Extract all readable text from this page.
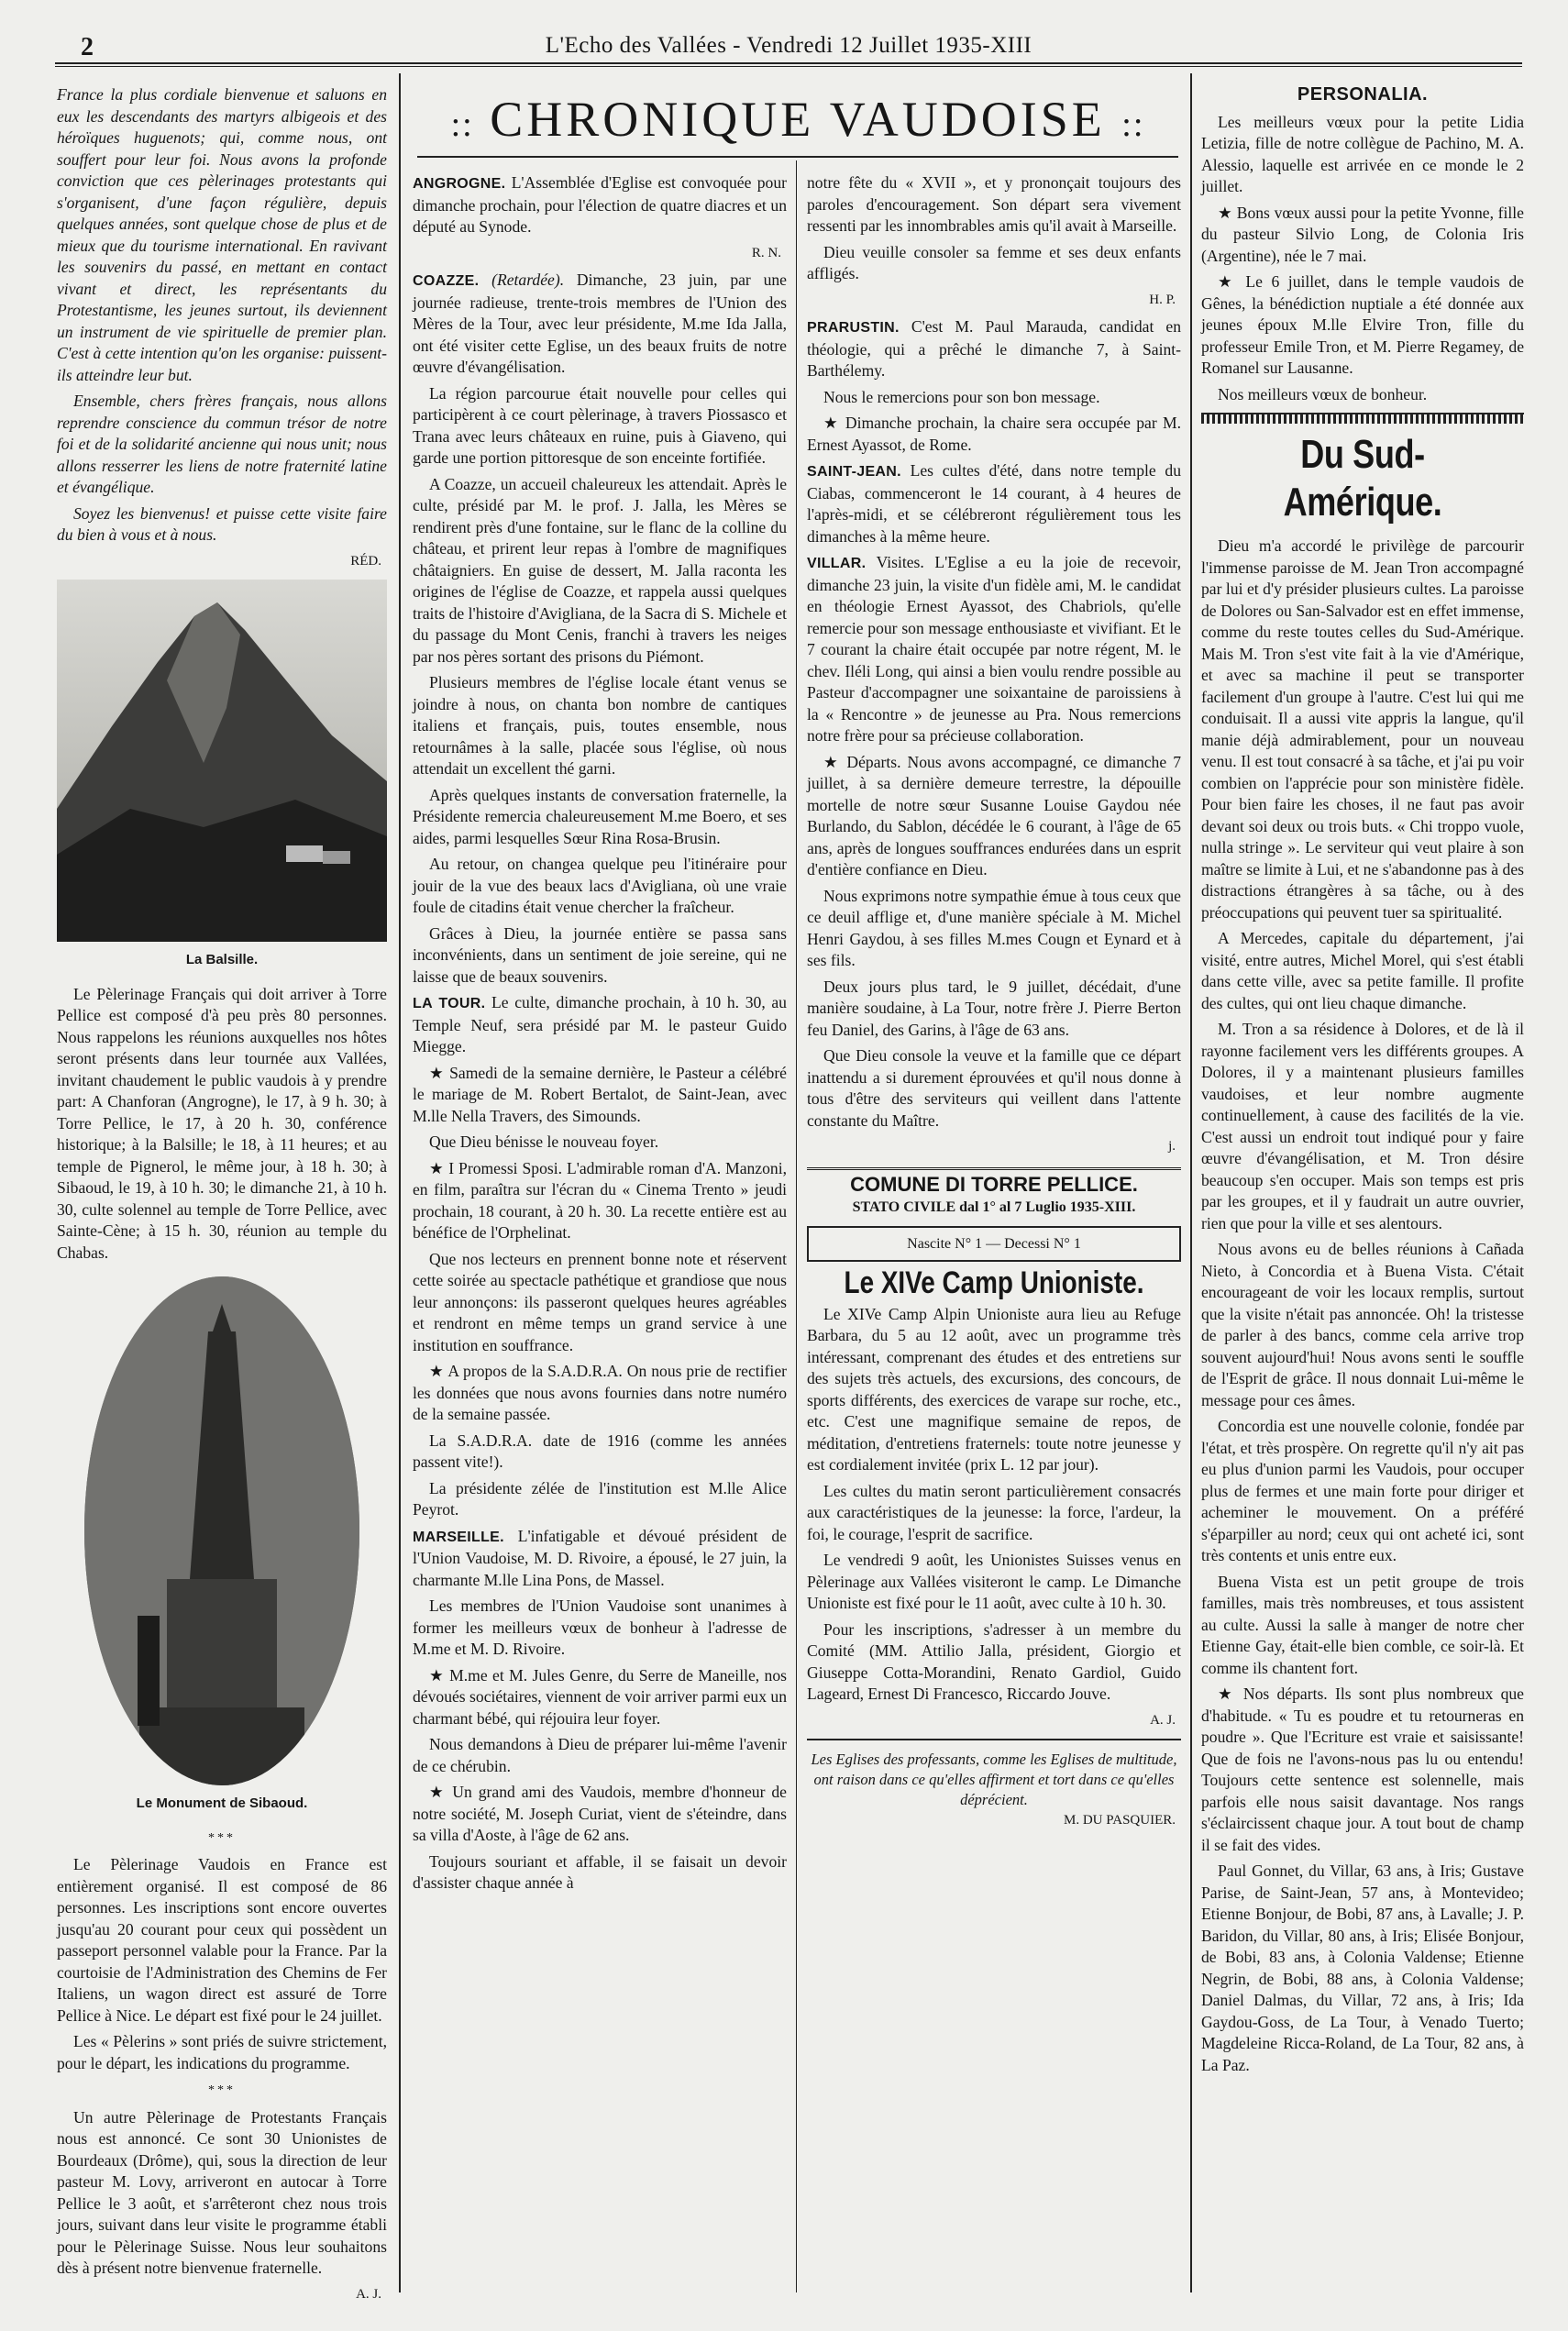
2	L'Echo des Vallées - Vendredi 12 Juillet 1935-XIII
:: CHRONIQUE VAUDOISE ::

France la plus cordiale bienvenue et saluons en eux les descendants des martyrs albigeois et des héroïques huguenots; qui, comme nous, ont souffert pour leur foi. Nous avons la profonde conviction que ces pèlerinages protestants qui s'organisent, d'une façon régulière, depuis quelques années, sont quelque chose de plus et de mieux que du tourisme international. En ravivant les souvenirs du passé, en mettant en contact vivant et direct, les représentants du Protestantisme, les jeunes surtout, ils deviennent un instrument de vie spirituelle de premier plan. C'est à cette intention qu'on les organise: puissent-ils atteindre leur but.

Ensemble, chers frères français, nous allons reprendre conscience du commun trésor de notre foi et de la solidarité ancienne qui nous unit; nous allons resserrer les liens de notre fraternité latine et évangélique.

Soyez les bienvenus! et puisse cette visite faire du bien à vous et à nous.

RÉD.
La Balsille.

Le Pèlerinage Français qui doit arriver à Torre Pellice est composé d'à peu près 80 personnes. Nous rappelons les réunions auxquelles nos hôtes seront présents dans leur tournée aux Vallées, invitant chaudement le public vaudois à y prendre part: A Chanforan (Angrogne), le 17, à 9 h. 30; à Torre Pellice, le 17, à 20 h. 30, conférence historique; à la Balsille; le 18, à 11 heures; et au temple de Pignerol, le même jour, à 18 h. 30; à Sibaoud, le 19, à 10 h. 30; le dimanche 21, à 10 h. 30, culte solennel au temple de Torre Pellice, avec Sainte-Cène; à 15 h. 30, réunion au temple du Chabas.

Le Monument de Sibaoud.
***

Le Pèlerinage Vaudois en France est entièrement organisé. Il est composé de 86 personnes. Les inscriptions sont encore ouvertes jusqu'au 20 courant pour ceux qui possèdent un passeport personnel valable pour la France. Par la courtoisie de l'Administration des Chemins de Fer Italiens, un wagon direct est assuré de Torre Pellice à Nice. Le départ est fixé pour le 24 juillet.

Les « Pèlerins » sont priés de suivre strictement, pour le départ, les indications du programme.

***

Un autre Pèlerinage de Protestants Français nous est annoncé. Ce sont 30 Unionistes de Bourdeaux (Drôme), qui, sous la direction de leur pasteur M. Lovy, arriveront en autocar à Torre Pellice le 3 août, et s'arrêteront chez nous trois jours, suivant dans leur visite le programme établi pour le Pèlerinage Suisse. Nous leur souhaitons dès à présent notre bienvenue fraternelle.

A. J.

ANGROGNE. L'Assemblée d'Eglise est convoquée pour dimanche prochain, pour l'élection de quatre diacres et un député au Synode.

R. N.

COAZZE. (Retardée). Dimanche, 23 juin, par une journée radieuse, trente-trois membres de l'Union des Mères de la Tour, avec leur présidente, M.me Ida Jalla, ont été visiter cette Eglise, un des beaux fruits de notre œuvre d'évangélisation.

La région parcourue était nouvelle pour celles qui participèrent à ce court pèlerinage, à travers Piossasco et Trana avec leurs châteaux en ruine, puis à Giaveno, qui garde une portion pittoresque de son enceinte fortifiée.

A Coazze, un accueil chaleureux les attendait. Après le culte, présidé par M. le prof. J. Jalla, les Mères se rendirent près d'une fontaine, sur le flanc de la colline du château, et prirent leur repas à l'ombre de magnifiques châtaigniers. En guise de dessert, M. Jalla raconta les origines de l'église de Coazze, et rappela aussi quelques traits de l'histoire d'Avigliana, de la Sacra di S. Michele et du passage du Mont Cenis, franchi à travers les neiges par nos pères sortant des prisons du Piémont.

Plusieurs membres de l'église locale étant venus se joindre à nous, on chanta bon nombre de cantiques italiens et français, puis, toutes ensemble, nous retournâmes à la salle, placée sous l'église, où nous attendait un excellent thé garni.

Après quelques instants de conversation fraternelle, la Présidente remercia chaleureusement M.me Boero, et ses aides, parmi lesquelles Sœur Rina Rosa-Brusin.

Au retour, on changea quelque peu l'itinéraire pour jouir de la vue des beaux lacs d'Avigliana, où une vraie foule de citadins était venue chercher la fraîcheur.

Grâces à Dieu, la journée entière se passa sans inconvénients, dans un sentiment de joie sereine, qui ne laisse que de beaux souvenirs.

LA TOUR. Le culte, dimanche prochain, à 10 h. 30, au Temple Neuf, sera présidé par M. le pasteur Guido Miegge.

★ Samedi de la semaine dernière, le Pasteur a célébré le mariage de M. Robert Bertalot, de Saint-Jean, avec M.lle Nella Travers, des Simounds.

Que Dieu bénisse le nouveau foyer.

★ I Promessi Sposi. L'admirable roman d'A. Manzoni, en film, paraîtra sur l'écran du « Cinema Trento » jeudi prochain, 18 courant, à 20 h. 30. La recette entière est au bénéfice de l'Orphelinat.

Que nos lecteurs en prennent bonne note et réservent cette soirée au spectacle pathétique et grandiose que nous leur annonçons: ils passeront quelques heures agréables et rendront en même temps un grand service à une institution en souffrance.

★ A propos de la S.A.D.R.A. On nous prie de rectifier les données que nous avons fournies dans notre numéro de la semaine passée.

La S.A.D.R.A. date de 1916 (comme les années passent vite!).

La présidente zélée de l'institution est M.lle Alice Peyrot.

MARSEILLE. L'infatigable et dévoué président de l'Union Vaudoise, M. D. Rivoire, a épousé, le 27 juin, la charmante M.lle Lina Pons, de Massel.

Les membres de l'Union Vaudoise sont unanimes à former les meilleurs vœux de bonheur à l'adresse de M.me et M. D. Rivoire.

★ M.me et M. Jules Genre, du Serre de Maneille, nos dévoués sociétaires, viennent de voir arriver parmi eux un charmant bébé, qui réjouira leur foyer.

Nous demandons à Dieu de préparer lui-même l'avenir de ce chérubin.

★ Un grand ami des Vaudois, membre d'honneur de notre société, M. Joseph Curiat, vient de s'éteindre, dans sa villa d'Aoste, à l'âge de 62 ans.

Toujours souriant et affable, il se faisait un devoir d'assister chaque année à

notre fête du « XVII », et y prononçait toujours des paroles d'encouragement. Son départ sera vivement ressenti par les innombrables amis qu'il avait à Marseille.

Dieu veuille consoler sa femme et ses deux enfants affligés.

H. P.

PRARUSTIN. C'est M. Paul Marauda, candidat en théologie, qui a prêché le dimanche 7, à Saint-Barthélemy.

Nous le remercions pour son bon message.

★ Dimanche prochain, la chaire sera occupée par M. Ernest Ayassot, de Rome.

SAINT-JEAN. Les cultes d'été, dans notre temple du Ciabas, commenceront le 14 courant, à 4 heures de l'après-midi, et se célébreront régulièrement tous les dimanches à la même heure.

VILLAR. Visites. L'Eglise a eu la joie de recevoir, dimanche 23 juin, la visite d'un fidèle ami, M. le candidat en théologie Ernest Ayassot, des Chabriols, qu'elle remercie pour son message enthousiaste et vivifiant. Et le 7 courant la chaire était occupée par notre régent, M. le chev. Iléli Long, qui ainsi a bien voulu rendre possible au Pasteur d'accompagner une soixantaine de paroissiens à la « Rencontre » de jeunesse au Pra. Nous remercions notre frère pour sa précieuse collaboration.

★ Départs. Nous avons accompagné, ce dimanche 7 juillet, à sa dernière demeure terrestre, la dépouille mortelle de notre sœur Susanne Louise Gaydou née Burlando, du Sablon, décédée le 6 courant, à l'âge de 65 ans, après de longues souffrances endurées dans un esprit d'entière confiance en Dieu.

Nous exprimons notre sympathie émue à tous ceux que ce deuil afflige et, d'une manière spéciale à M. Michel Henri Gaydou, à ses filles M.mes Cougn et Eynard et à ses fils.

Deux jours plus tard, le 9 juillet, décédait, d'une manière soudaine, à La Tour, notre frère J. Pierre Berton feu Daniel, des Garins, à l'âge de 63 ans.

Que Dieu console la veuve et la famille que ce départ inattendu a si durement éprouvées et qu'il nous donne à tous d'être des serviteurs qui veillent dans l'attente constante du Maître.

j.
COMUNE DI TORRE PELLICE.
STATO CIVILE dal 1° al 7 Luglio 1935-XIII.
Nascite N° 1 — Decessi N° 1
Le XIVe Camp Unioniste.

Le XIVe Camp Alpin Unioniste aura lieu au Refuge Barbara, du 5 au 12 août, avec un programme très intéressant, comprenant des études et des entretiens sur des sujets très actuels, des excursions, des concours, de sports différents, des exercices de varape sur roche, etc., etc. C'est une magnifique semaine de repos, de méditation, d'entretiens fraternels: toute notre jeunesse y est cordialement invitée (prix L. 12 par jour).

Les cultes du matin seront particulièrement consacrés aux caractéristiques de la jeunesse: la force, l'ardeur, la foi, le courage, l'esprit de sacrifice.

Le vendredi 9 août, les Unionistes Suisses venus en Pèlerinage aux Vallées visiteront le camp. Le Dimanche Unioniste est fixé pour le 11 août, avec culte à 10 h. 30.

Pour les inscriptions, s'adresser à un membre du Comité (MM. Attilio Jalla, président, Giorgio et Giuseppe Cotta-Morandini, Renato Gardiol, Guido Lageard, Ernest Di Francesco, Riccardo Jouve.

A. J.
Les Eglises des professants, comme les Eglises de multitude, ont raison dans ce qu'elles affirment et tort dans ce qu'elles déprécient.
M. DU PASQUIER.
PERSONALIA.

Les meilleurs vœux pour la petite Lidia Letizia, fille de notre collègue de Pachino, M. A. Alessio, laquelle est arrivée en ce monde le 2 juillet.

★ Bons vœux aussi pour la petite Yvonne, fille du pasteur Silvio Long, de Colonia Iris (Argentine), née le 7 mai.

★ Le 6 juillet, dans le temple vaudois de Gênes, la bénédiction nuptiale a été donnée aux jeunes époux M.lle Elvire Tron, fille du professeur Emile Tron, et M. Pierre Regamey, de Romanel sur Lausanne.

Nos meilleurs vœux de bonheur.

Du Sud-Amérique.

Dieu m'a accordé le privilège de parcourir l'immense paroisse de M. Jean Tron accompagné par lui et d'y présider plusieurs cultes. La paroisse de Dolores ou San-Salvador est en effet immense, comme du reste toutes celles du Sud-Amérique. Mais M. Tron s'est vite fait à la vie d'Amérique, et avec sa machine il peut se transporter facilement d'un groupe à l'autre. C'est lui qui me conduisait. Il a aussi vite appris la langue, qu'il manie déjà admirablement, pour un nouveau venu. Il est tout consacré à sa tâche, et j'ai pu voir combien on l'apprécie pour son ministère fidèle. Pour bien faire les choses, il ne faut pas avoir devant soi deux ou trois buts. « Chi troppo vuole, nulla stringe ». Le serviteur qui veut plaire à son maître se limite à Lui, et ne s'abandonne pas à des distractions étrangères à sa tâche, ou à des préoccupations qui peuvent tuer sa spiritualité.

A Mercedes, capitale du département, j'ai visité, entre autres, Michel Morel, qui s'est établi dans cette ville, avec sa petite famille. Il profite des cultes, qui ont lieu chaque dimanche.

M. Tron a sa résidence à Dolores, et de là il rayonne facilement vers les différents groupes. A Dolores, il y a maintenant plusieurs familles vaudoises, et leur nombre augmente continuellement, à cause des facilités de la vie. C'est aussi un endroit tout indiqué pour y faire œuvre d'évangélisation, et M. Tron désire beaucoup s'en occuper. Mais son temps est pris par les groupes, et il y faudrait un autre ouvrier, rien que pour la ville et ses alentours.

Nous avons eu de belles réunions à Cañada Nieto, à Concordia et à Buena Vista. C'était encourageant de voir les locaux remplis, surtout que la visite n'était pas annoncée. Oh! la tristesse de parler à des bancs, comme cela arrive trop souvent aujourd'hui! Nous avons senti le souffle de l'Esprit de grâce. Il nous donnait Lui-même le message pour ces âmes.

Concordia est une nouvelle colonie, fondée par l'état, et très prospère. On regrette qu'il n'y ait pas eu plus d'union parmi les Vaudois, pour occuper plus de fermes et une main forte pour diriger et acheminer le mouvement. On a préféré s'éparpiller au nord; ceux qui ont acheté ici, sont très contents et unis entre eux.

Buena Vista est un petit groupe de trois familles, mais très nombreuses, et tous assistent au culte. Aussi la salle à manger de notre cher Etienne Gay, était-elle bien comble, ce soir-là. Et comme ils chantent fort.

★ Nos départs. Ils sont plus nombreux que d'habitude. « Tu es poudre et tu retourneras en poudre ». Que l'Ecriture est vraie et saisissante! Que de fois ne l'avons-nous pas lu ou entendu! Toujours cette sentence est solennelle, mais parfois elle nous saisit davantage. Nos rangs s'éclaircissent chaque jour. A tout bout de champ il se fait des vides.

Paul Gonnet, du Villar, 63 ans, à Iris; Gustave Parise, de Saint-Jean, 57 ans, à Montevideo; Etienne Bonjour, de Bobi, 87 ans, à Lavalle; J. P. Baridon, du Villar, 80 ans, à Iris; Elisée Bonjour, de Bobi, 83 ans, à Colonia Valdense; Etienne Negrin, de Bobi, 88 ans, à Colonia Valdense; Daniel Dalmas, du Villar, 72 ans, à Iris; Ida Gaydou-Goss, de La Tour, à Venado Tuerto; Magdeleine Ricca-Roland, de La Tour, 82 ans, à La Paz.
